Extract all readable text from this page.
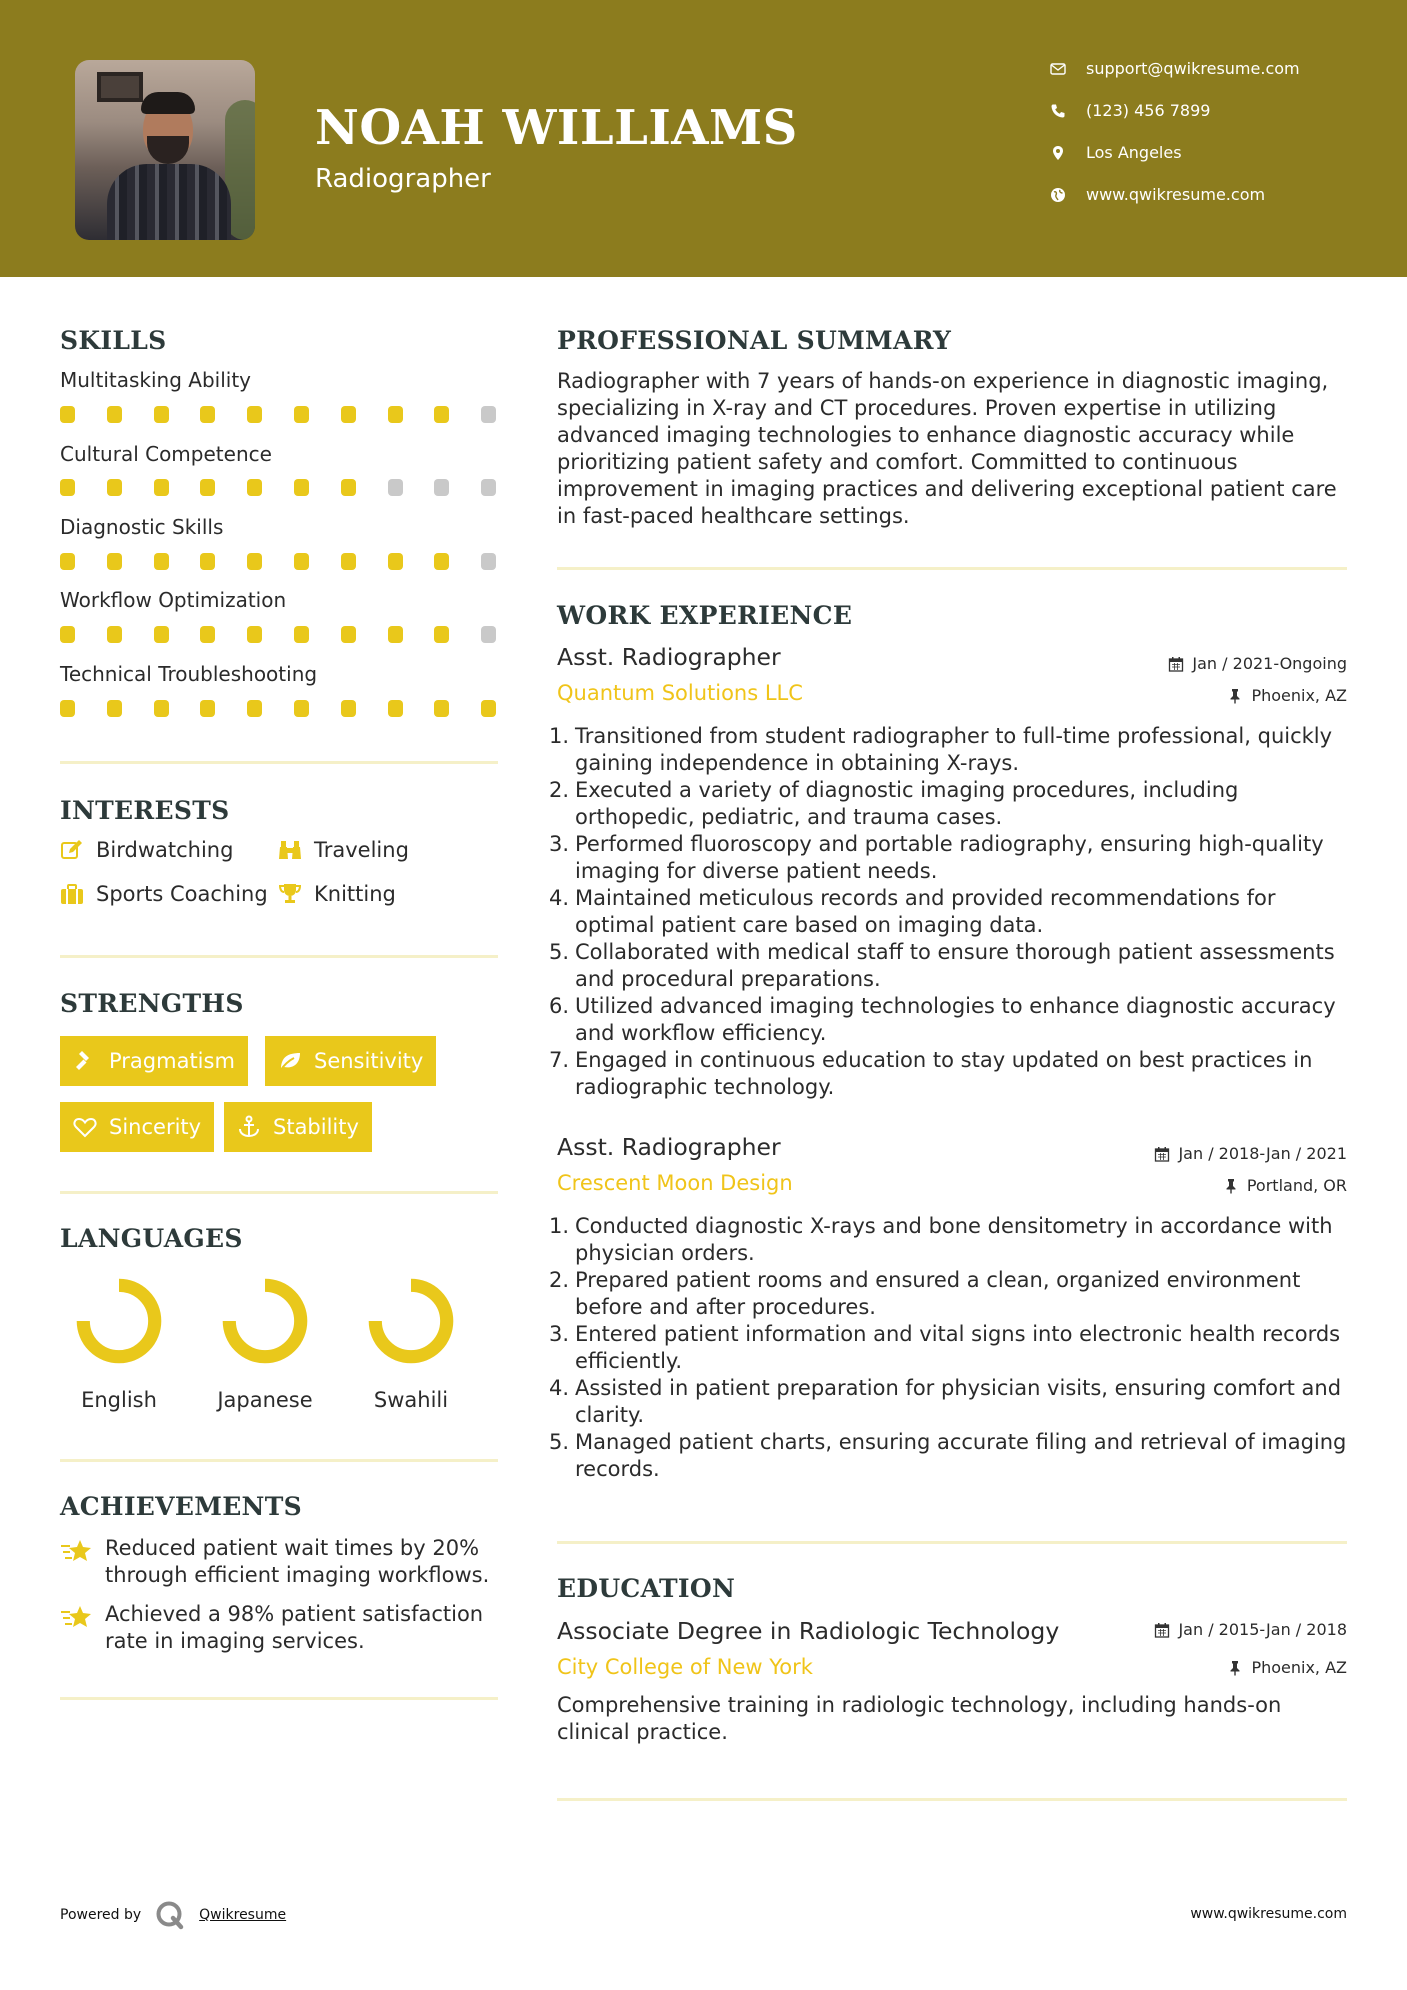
NOAH WILLIAMS
Radiographer
support@qwikresume.com
(123) 456 7899
Los Angeles
www.qwikresume.com
SKILLS
Multitasking Ability
Cultural Competence
Diagnostic Skills
Workflow Optimization
Technical Troubleshooting
INTERESTS
Birdwatching	Traveling
Sports Coaching Knitting
STRENGTHS
Pragmatism	Sensitivity
Sincerity	Stability
LANGUAGES
English	Japanese	Swahili
ACHIEVEMENTS
Reduced patient wait times by 20% through efficient imaging workflows.
Achieved a 98% patient satisfaction rate in imaging services.
PROFESSIONAL SUMMARY
Radiographer with 7 years of hands-on experience in diagnostic imaging, specializing in X-ray and CT procedures. Proven expertise in utilizing advanced imaging technologies to enhance diagnostic accuracy while prioritizing patient safety and comfort. Committed to continuous improvement in imaging practices and delivering exceptional patient care in fast-paced healthcare settings.
WORK EXPERIENCE
Asst. Radiographer	Jan / 2021-Ongoing
Quantum Solutions LLC	Phoenix, AZ
Transitioned from student radiographer to full-time professional, quickly gaining independence in obtaining X-rays.
Executed a variety of diagnostic imaging procedures, including orthopedic, pediatric, and trauma cases.
Performed fluoroscopy and portable radiography, ensuring high-quality imaging for diverse patient needs.
Maintained meticulous records and provided recommendations for optimal patient care based on imaging data.
Collaborated with medical staff to ensure thorough patient assessments and procedural preparations.
Utilized advanced imaging technologies to enhance diagnostic accuracy and workflow efficiency.
Engaged in continuous education to stay updated on best practices in radiographic technology.
Asst. Radiographer	Jan / 2018-Jan / 2021
Crescent Moon Design	Portland, OR
Conducted diagnostic X-rays and bone densitometry in accordance with physician orders.
Prepared patient rooms and ensured a clean, organized environment before and after procedures.
Entered patient information and vital signs into electronic health records efficiently.
Assisted in patient preparation for physician visits, ensuring comfort and clarity.
Managed patient charts, ensuring accurate filing and retrieval of imaging records.
EDUCATION
Associate Degree in Radiologic Technology	Jan / 2015-Jan / 2018
City College of New York	Phoenix, AZ
Comprehensive training in radiologic technology, including hands-on clinical practice.
Powered by	Qwikresume	www.qwikresume.com
